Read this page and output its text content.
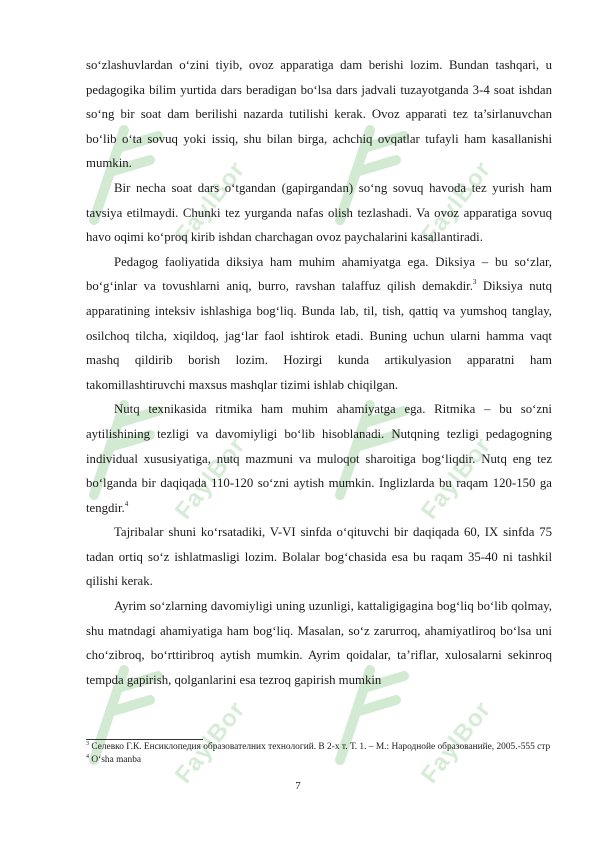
FaylBor	FaylBor
FaylBor	FaylBor
FaylBor	FaylBor

so‘zlashuvlardan o‘zini tiyib, ovoz apparatiga dam berishi lozim. Bundan tashqari, u pedagogika bilim yurtida dars beradigan bo‘lsa dars jadvali tuzayotganda 3-4 soat ishdan so‘ng bir soat dam berilishi nazarda tutilishi kerak. Ovoz apparati tez ta’sirlanuvchan bo‘lib o‘ta sovuq yoki issiq, shu bilan birga, achchiq ovqatlar tufayli ham kasallanishi mumkin.

Bir necha soat dars o‘tgandan (gapirgandan) so‘ng sovuq havoda tez yurish ham tavsiya etilmaydi. Chunki tez yurganda nafas olish tezlashadi. Va ovoz apparatiga sovuq havo oqimi ko‘proq kirib ishdan charchagan ovoz paychalarini kasallantiradi.

Pedagog faoliyatida diksiya ham muhim ahamiyatga ega. Diksiya – bu so‘zlar, bo‘g‘inlar va tovushlarni aniq, burro, ravshan talaffuz qilish demakdir.$^3$ Diksiya nutq apparatining inteksiv ishlashiga bog‘liq. Bunda lab, til, tish, qattiq va yumshoq tanglay, osilchoq tilcha, xiqildoq, jag‘lar faol ishtirok etadi. Buning uchun ularni hamma vaqt mashq qildirib borish lozim. Hozirgi kunda artikulyasion apparatni ham takomillashtiruvchi maxsus mashqlar tizimi ishlab chiqilgan.

Nutq texnikasida ritmika ham muhim ahamiyatga ega. Ritmika – bu so‘zni aytilishining tezligi va davomiyligi bo‘lib hisoblanadi. Nutqning tezligi pedagogning individual xususiyatiga, nutq mazmuni va muloqot sharoitiga bog‘liqdir. Nutq eng tez bo‘lganda bir daqiqada 110-120 so‘zni aytish mumkin. Inglizlarda bu raqam 120-150 ga tengdir.$^4$

Tajribalar shuni ko‘rsatadiki, V-VI sinfda o‘qituvchi bir daqiqada 60, IX sinfda 75 tadan ortiq so‘z ishlatmasligi lozim. Bolalar bog‘chasida esa bu raqam 35-40 ni tashkil qilishi kerak.

Ayrim so‘zlarning davomiyligi uning uzunligi, kattaligigagina bog‘liq bo‘lib qolmay, shu matndagi ahamiyatiga ham bog‘liq. Masalan, so‘z zarurroq, ahamiyatliroq bo‘lsa uni cho‘zibroq, bo‘rttiribroq aytish mumkin. Ayrim qoidalar, ta’riflar, xulosalarni sekinroq tempda gapirish, qolganlarini esa tezroq gapirish mumkin

$^3$ Селевко Г.К. Енсиклопедия образователних технологий. В 2-х т. Т. 1. – М.: Народнойе образованийе, 2005.-555 стр

$^4$ O‘sha manba

7
